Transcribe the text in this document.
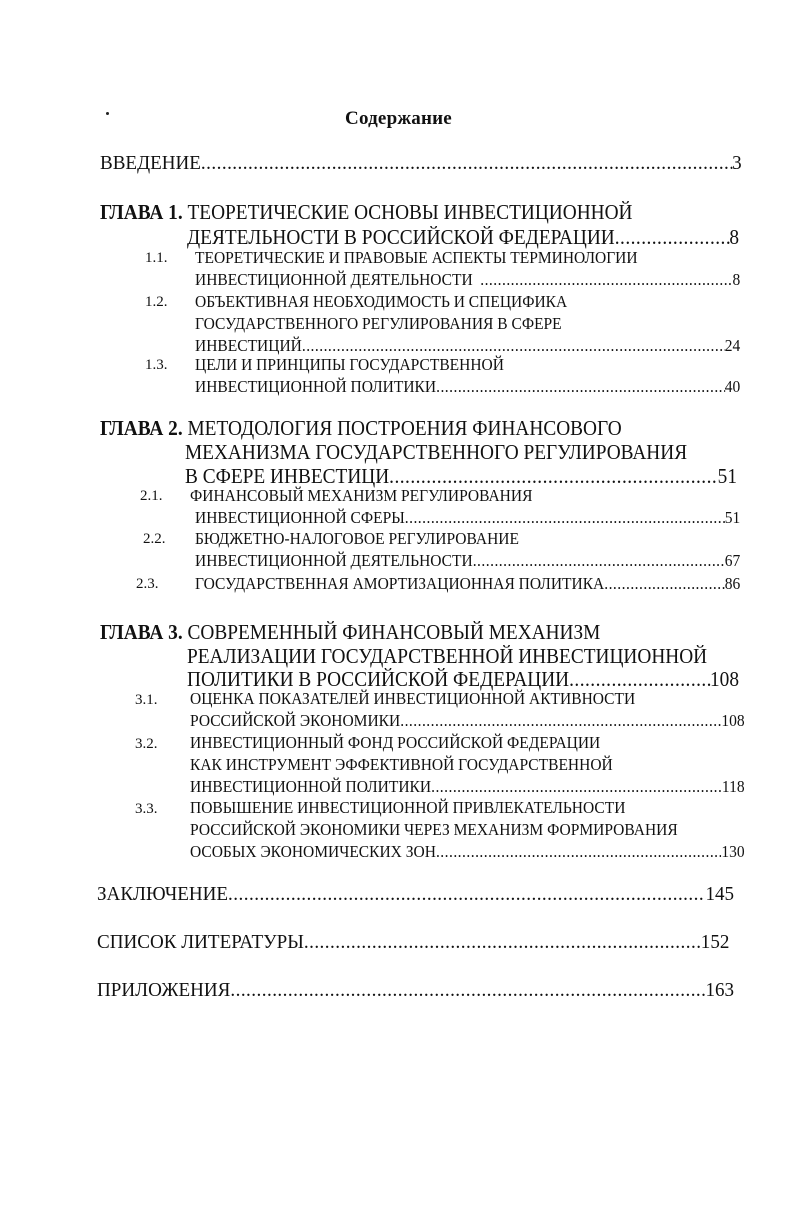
Содержание
ВВЕДЕНИЕ .....	3
ГЛАВА 1. ТЕОРЕТИЧЕСКИЕ ОСНОВЫ ИНВЕСТИЦИОННОЙ
ДЕЯТЕЛЬНОСТИ В РОССИЙСКОЙ ФЕДЕРАЦИИ .....	8
1.1. ТЕОРЕТИЧЕСКИЕ И ПРАВОВЫЕ АСПЕКТЫ ТЕРМИНОЛОГИИ
ИНВЕСТИЦИОННОЙ ДЕЯТЕЛЬНОСТИ .....	8
1.2. ОБЪЕКТИВНАЯ НЕОБХОДИМОСТЬ И СПЕЦИФИКА
ГОСУДАРСТВЕННОГО РЕГУЛИРОВАНИЯ В СФЕРЕ
ИНВЕСТИЦИЙ .....	24
1.3. ЦЕЛИ И ПРИНЦИПЫ ГОСУДАРСТВЕННОЙ
ИНВЕСТИЦИОННОЙ ПОЛИТИКИ .....	40
ГЛАВА 2. МЕТОДОЛОГИЯ ПОСТРОЕНИЯ ФИНАНСОВОГО
МЕХАНИЗМА ГОСУДАРСТВЕННОГО РЕГУЛИРОВАНИЯ
В СФЕРЕ ИНВЕСТИЦИ .....	51
2.1. ФИНАНСОВЫЙ МЕХАНИЗМ РЕГУЛИРОВАНИЯ
ИНВЕСТИЦИОННОЙ СФЕРЫ .....	51
2.2. БЮДЖЕТНО-НАЛОГОВОЕ РЕГУЛИРОВАНИЕ
ИНВЕСТИЦИОННОЙ ДЕЯТЕЛЬНОСТИ .....	67
2.3. ГОСУДАРСТВЕННАЯ АМОРТИЗАЦИОННАЯ ПОЛИТИКА .....	86
ГЛАВА 3. СОВРЕМЕННЫЙ ФИНАНСОВЫЙ МЕХАНИЗМ
РЕАЛИЗАЦИИ ГОСУДАРСТВЕННОЙ ИНВЕСТИЦИОННОЙ
ПОЛИТИКИ В РОССИЙСКОЙ ФЕДЕРАЦИИ .....	108
3.1. ОЦЕНКА ПОКАЗАТЕЛЕЙ ИНВЕСТИЦИОННОЙ АКТИВНОСТИ
РОССИЙСКОЙ ЭКОНОМИКИ .....	108
3.2. ИНВЕСТИЦИОННЫЙ ФОНД РОССИЙСКОЙ ФЕДЕРАЦИИ
КАК ИНСТРУМЕНТ ЭФФЕКТИВНОЙ ГОСУДАРСТВЕННОЙ
ИНВЕСТИЦИОННОЙ ПОЛИТИКИ .....	118
3.3. ПОВЫШЕНИЕ ИНВЕСТИЦИОННОЙ ПРИВЛЕКАТЕЛЬНОСТИ
РОССИЙСКОЙ ЭКОНОМИКИ ЧЕРЕЗ МЕХАНИЗМ ФОРМИРОВАНИЯ
ОСОБЫХ ЭКОНОМИЧЕСКИХ ЗОН .....	130
ЗАКЛЮЧЕНИЕ .....	145
СПИСОК ЛИТЕРАТУРЫ .....	152
ПРИЛОЖЕНИЯ .....	163
